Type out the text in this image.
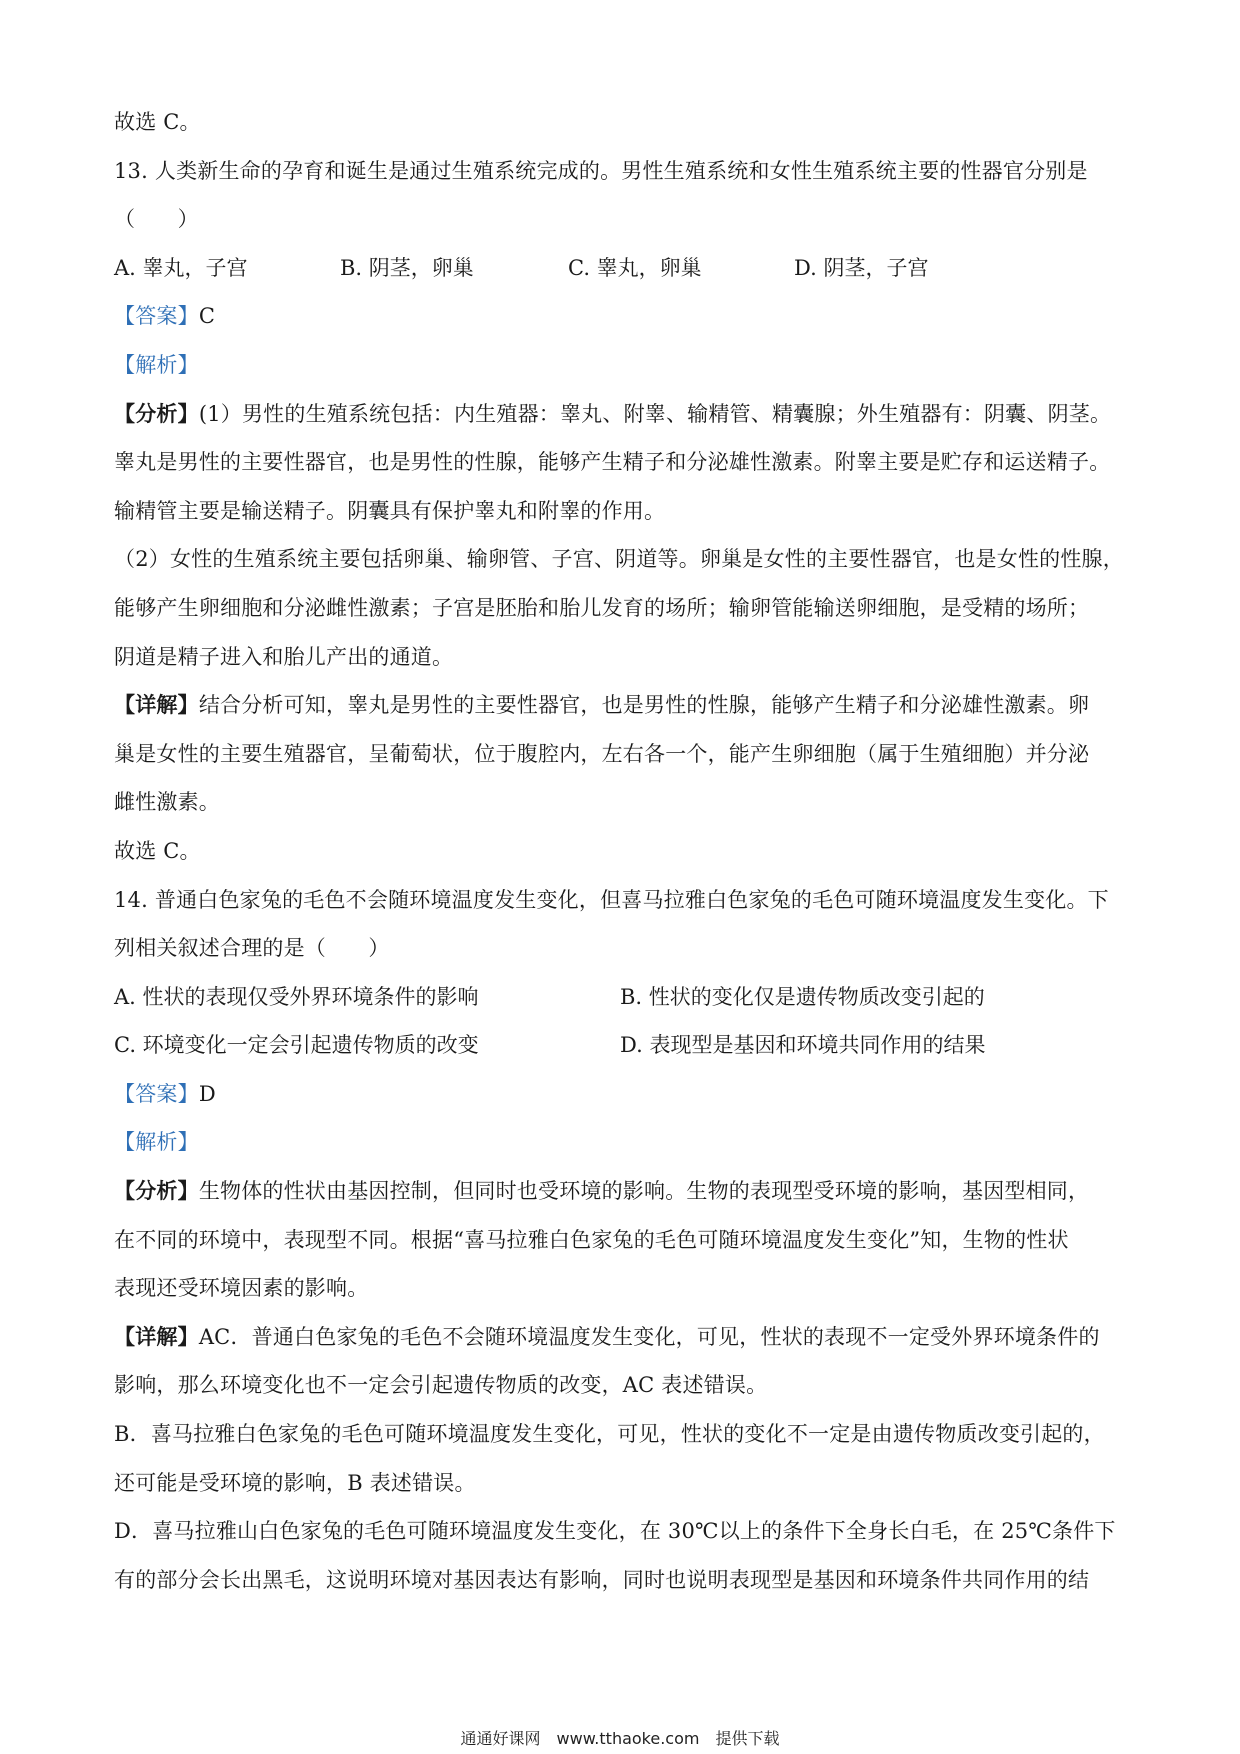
故选 C。
13. 人类新生命的孕育和诞生是通过生殖系统完成的。男性生殖系统和女性生殖系统主要的性器官分别是
（　　）
A. 睾丸，子宫	B. 阴茎，卵巢	C. 睾丸，卵巢	D. 阴茎，子宫
【答案】C
【解析】
【分析】(1）男性的生殖系统包括：内生殖器：睾丸、附睾、输精管、精囊腺；外生殖器有：阴囊、阴茎。
睾丸是男性的主要性器官，也是男性的性腺，能够产生精子和分泌雄性激素。附睾主要是贮存和运送精子。
输精管主要是输送精子。阴囊具有保护睾丸和附睾的作用。
（2）女性的生殖系统主要包括卵巢、输卵管、子宫、阴道等。卵巢是女性的主要性器官，也是女性的性腺，
能够产生卵细胞和分泌雌性激素；子宫是胚胎和胎儿发育的场所；输卵管能输送卵细胞，是受精的场所；
阴道是精子进入和胎儿产出的通道。
【详解】结合分析可知，睾丸是男性的主要性器官，也是男性的性腺，能够产生精子和分泌雄性激素。卵
巢是女性的主要生殖器官，呈葡萄状，位于腹腔内，左右各一个，能产生卵细胞（属于生殖细胞）并分泌
雌性激素。
故选 C。
14. 普通白色家兔的毛色不会随环境温度发生变化，但喜马拉雅白色家兔的毛色可随环境温度发生变化。下
列相关叙述合理的是（　　）
A. 性状的表现仅受外界环境条件的影响	B. 性状的变化仅是遗传物质改变引起的
C. 环境变化一定会引起遗传物质的改变	D. 表现型是基因和环境共同作用的结果
【答案】D
【解析】
【分析】生物体的性状由基因控制，但同时也受环境的影响。生物的表现型受环境的影响，基因型相同，
在不同的环境中，表现型不同。根据“喜马拉雅白色家兔的毛色可随环境温度发生变化”知，生物的性状
表现还受环境因素的影响。
【详解】AC．普通白色家兔的毛色不会随环境温度发生变化，可见，性状的表现不一定受外界环境条件的
影响，那么环境变化也不一定会引起遗传物质的改变，AC 表述错误。
B．喜马拉雅白色家兔的毛色可随环境温度发生变化，可见，性状的变化不一定是由遗传物质改变引起的，
还可能是受环境的影响，B 表述错误。
D．喜马拉雅山白色家兔的毛色可随环境温度发生变化，在 30℃以上的条件下全身长白毛，在 25℃条件下
有的部分会长出黑毛，这说明环境对基因表达有影响，同时也说明表现型是基因和环境条件共同作用的结
通通好课网　www.tthaoke.com　提供下载
